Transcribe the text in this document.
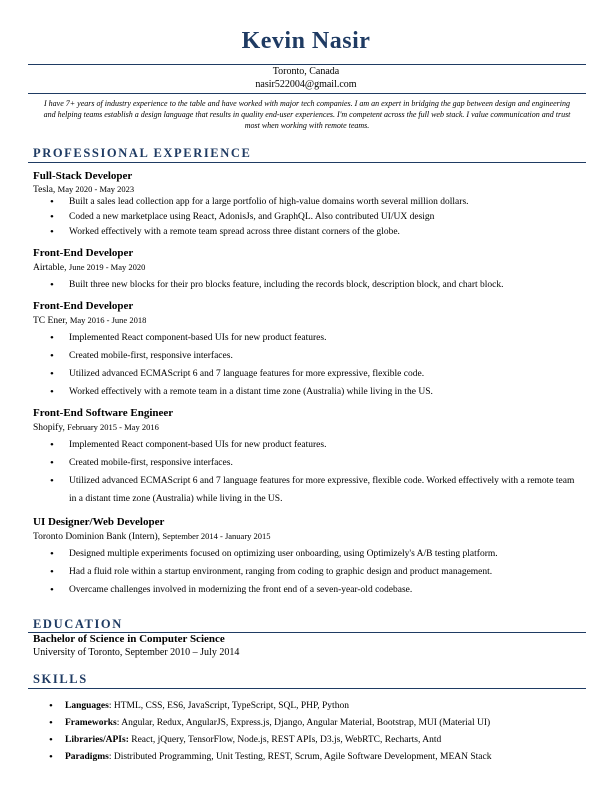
Kevin Nasir
Toronto, Canada
nasir522004@gmail.com
I have 7+ years of industry experience to the table and have worked with major tech companies. I am an expert in bridging the gap between design and engineering and helping teams establish a design language that results in quality end-user experiences. I'm competent across the full web stack. I value communication and trust most when working with remote teams.
PROFESSIONAL EXPERIENCE
Full-Stack Developer
Tesla, May 2020 - May 2023
• Built a sales lead collection app for a large portfolio of high-value domains worth several million dollars.
• Coded a new marketplace using React, AdonisJs, and GraphQL. Also contributed UI/UX design
• Worked effectively with a remote team spread across three distant corners of the globe.
Front-End Developer
Airtable, June 2019 - May 2020
• Built three new blocks for their pro blocks feature, including the records block, description block, and chart block.
Front-End Developer
TC Ener, May 2016 - June 2018
• Implemented React component-based UIs for new product features.
• Created mobile-first, responsive interfaces.
• Utilized advanced ECMAScript 6 and 7 language features for more expressive, flexible code.
• Worked effectively with a remote team in a distant time zone (Australia) while living in the US.
Front-End Software Engineer
Shopify, February 2015 - May 2016
• Implemented React component-based UIs for new product features.
• Created mobile-first, responsive interfaces.
• Utilized advanced ECMAScript 6 and 7 language features for more expressive, flexible code. Worked effectively with a remote team in a distant time zone (Australia) while living in the US.
UI Designer/Web Developer
Toronto Dominion Bank (Intern), September 2014 - January 2015
• Designed multiple experiments focused on optimizing user onboarding, using Optimizely's A/B testing platform.
• Had a fluid role within a startup environment, ranging from coding to graphic design and product management.
• Overcame challenges involved in modernizing the front end of a seven-year-old codebase.
EDUCATION
Bachelor of Science in Computer Science
University of Toronto, September 2010 – July 2014
SKILLS
• Languages: HTML, CSS, ES6, JavaScript, TypeScript, SQL, PHP, Python
• Frameworks: Angular, Redux, AngularJS, Express.js, Django, Angular Material, Bootstrap, MUI (Material UI)
• Libraries/APIs: React, jQuery, TensorFlow, Node.js, REST APIs, D3.js, WebRTC, Recharts, Antd
• Paradigms: Distributed Programming, Unit Testing, REST, Scrum, Agile Software Development, MEAN Stack
